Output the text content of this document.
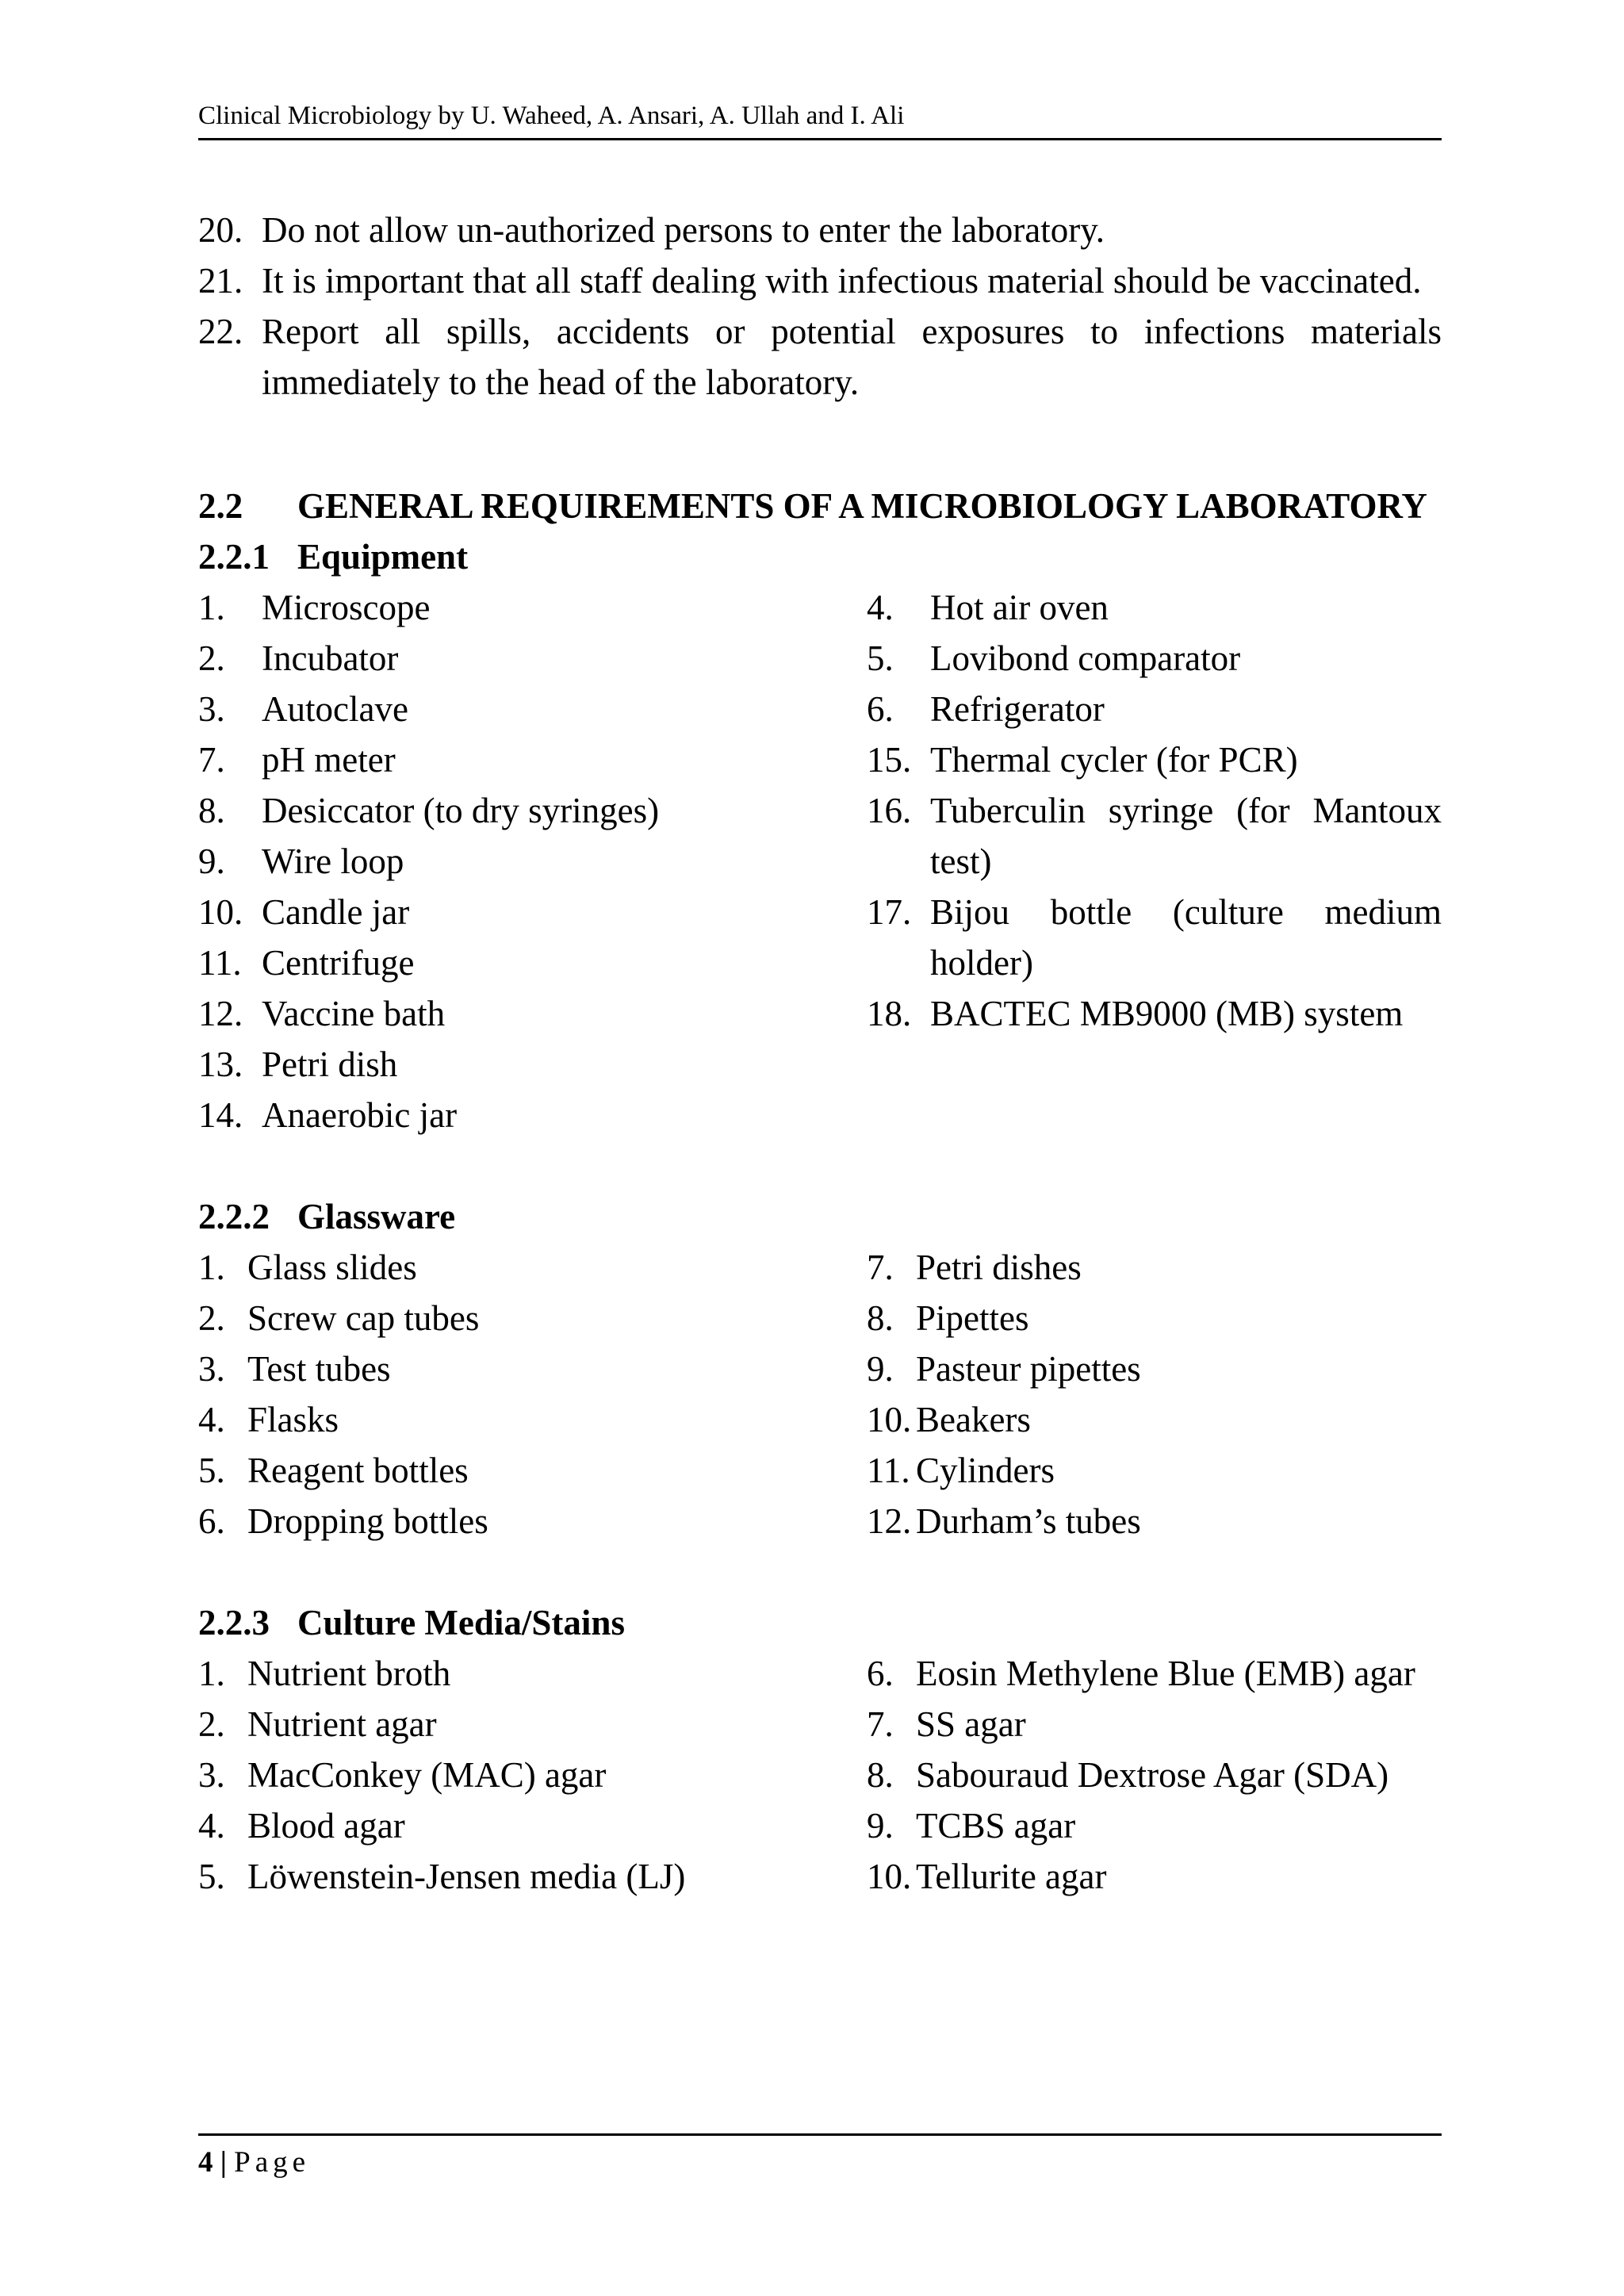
Clinical Microbiology by U. Waheed, A. Ansari, A. Ullah and I. Ali
20. Do not allow un-authorized persons to enter the laboratory.
21. It is important that all staff dealing with infectious material should be vaccinated.
22. Report all spills, accidents or potential exposures to infections materials immediately to the head of the laboratory.
2.2	GENERAL REQUIREMENTS OF A MICROBIOLOGY LABORATORY
2.2.1 Equipment
1.	Microscope
2.	Incubator
3.	Autoclave
7.	pH meter
8.	Desiccator (to dry syringes)
9.	Wire loop
10. Candle jar
11. Centrifuge
12. Vaccine bath
13. Petri dish
14. Anaerobic jar
4.	Hot air oven
5.	Lovibond comparator
6.	Refrigerator
15. Thermal cycler (for PCR)
16. Tuberculin syringe (for Mantoux test)
17. Bijou bottle (culture medium holder)
18. BACTEC MB9000 (MB) system
2.2.2 Glassware
1. Glass slides
2. Screw cap tubes
3. Test tubes
4. Flasks
5. Reagent bottles
6. Dropping bottles
7. Petri dishes
8. Pipettes
9. Pasteur pipettes
10. Beakers
11. Cylinders
12. Durham’s tubes
2.2.3 Culture Media/Stains
1. Nutrient broth
2. Nutrient agar
3. MacConkey (MAC) agar
4. Blood agar
5. Löwenstein-Jensen media (LJ)
6. Eosin Methylene Blue (EMB) agar
7. SS agar
8. Sabouraud Dextrose Agar (SDA)
9. TCBS agar
10. Tellurite agar
4 | Page
